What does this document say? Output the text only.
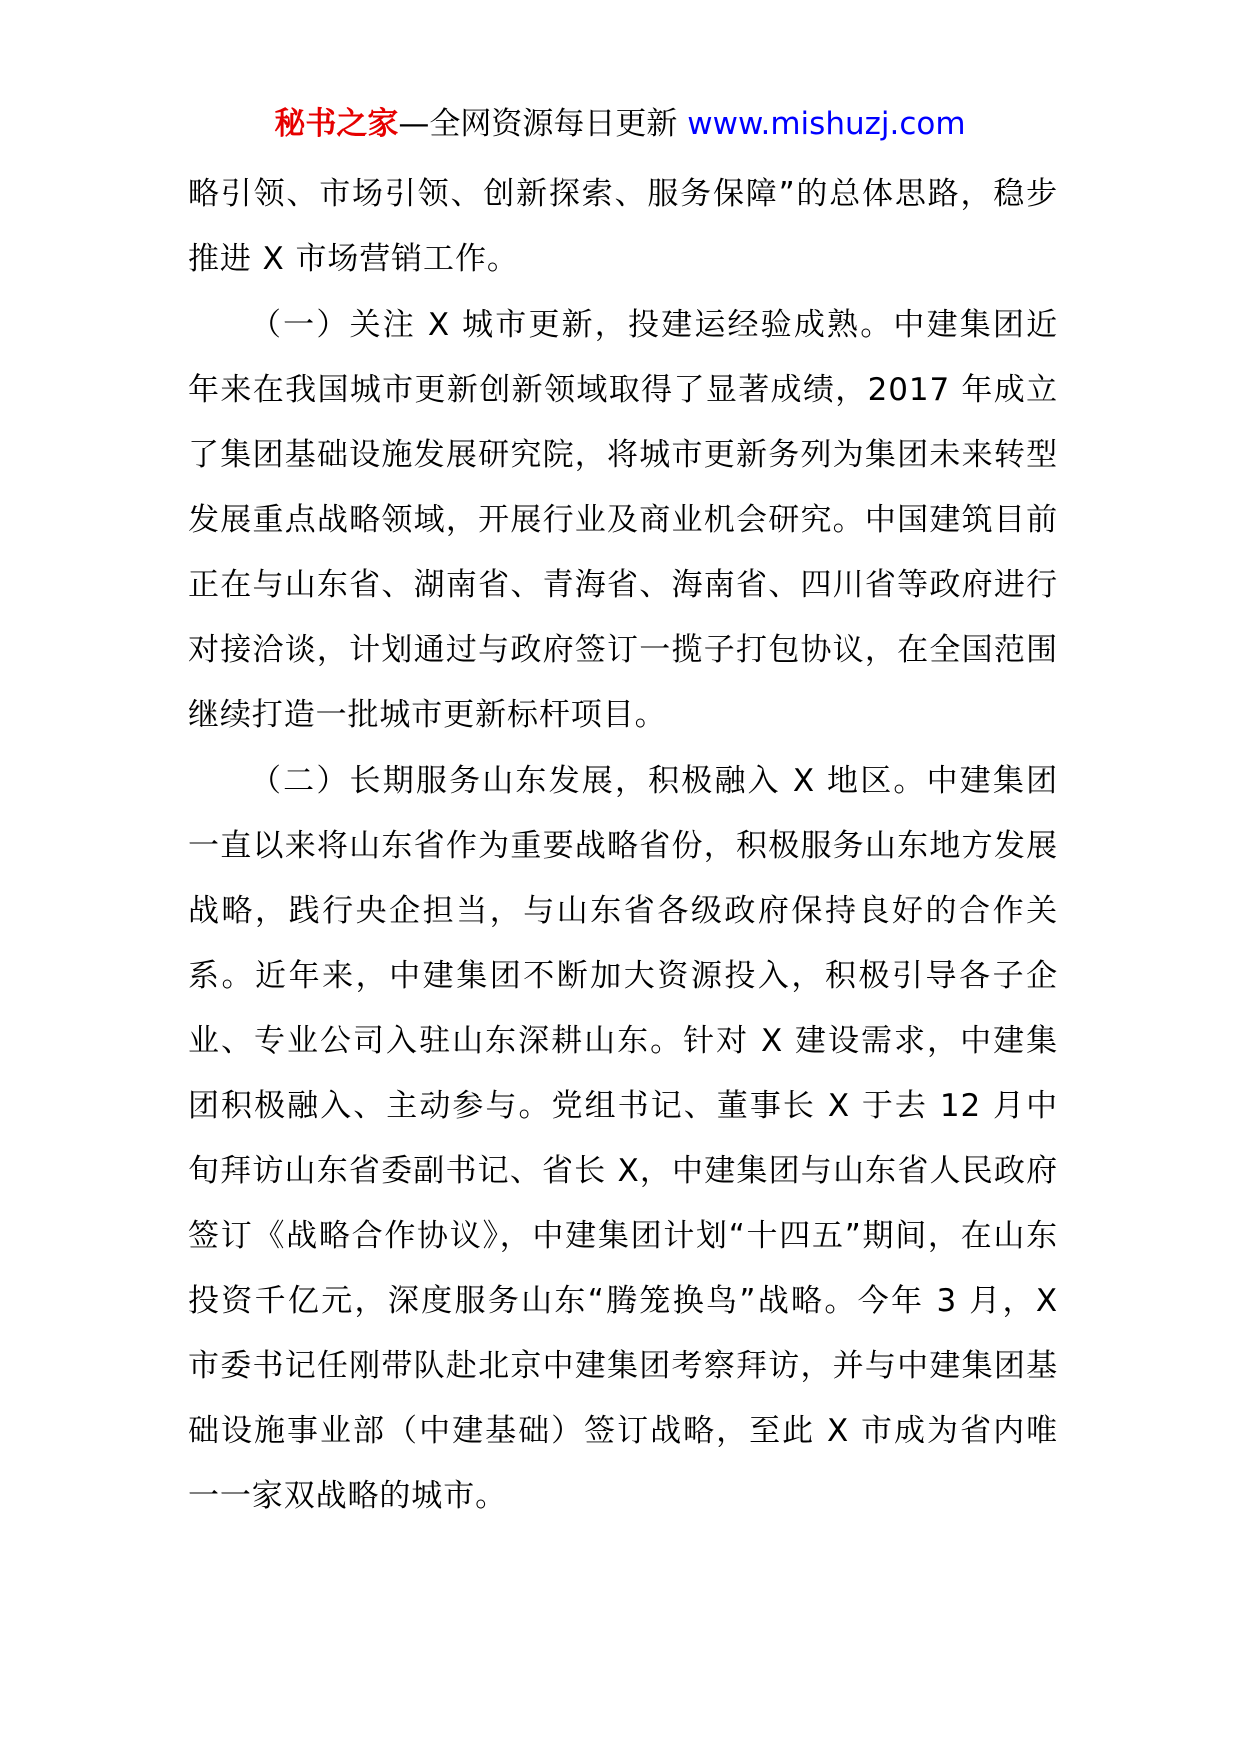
秘书之家—全网资源每日更新 www.mishuzj.com

略引领、市场引领、创新探索、服务保障”的总体思路，稳步推进 X 市场营销工作。

（一）关注 X 城市更新，投建运经验成熟。中建集团近年来在我国城市更新创新领域取得了显著成绩，2017 年成立了集团基础设施发展研究院，将城市更新务列为集团未来转型发展重点战略领域，开展行业及商业机会研究。中国建筑目前正在与山东省、湖南省、青海省、海南省、四川省等政府进行对接洽谈，计划通过与政府签订一揽子打包协议，在全国范围继续打造一批城市更新标杆项目。

（二）长期服务山东发展，积极融入 X 地区。中建集团一直以来将山东省作为重要战略省份，积极服务山东地方发展战略，践行央企担当，与山东省各级政府保持良好的合作关系。近年来，中建集团不断加大资源投入，积极引导各子企业、专业公司入驻山东深耕山东。针对 X 建设需求，中建集团积极融入、主动参与。党组书记、董事长 X 于去 12 月中旬拜访山东省委副书记、省长 X，中建集团与山东省人民政府签订《战略合作协议》，中建集团计划“十四五”期间，在山东投资千亿元，深度服务山东“腾笼换鸟”战略。今年 3 月，X 市委书记任刚带队赴北京中建集团考察拜访，并与中建集团基础设施事业部（中建基础）签订战略，至此 X 市成为省内唯一一家双战略的城市。
